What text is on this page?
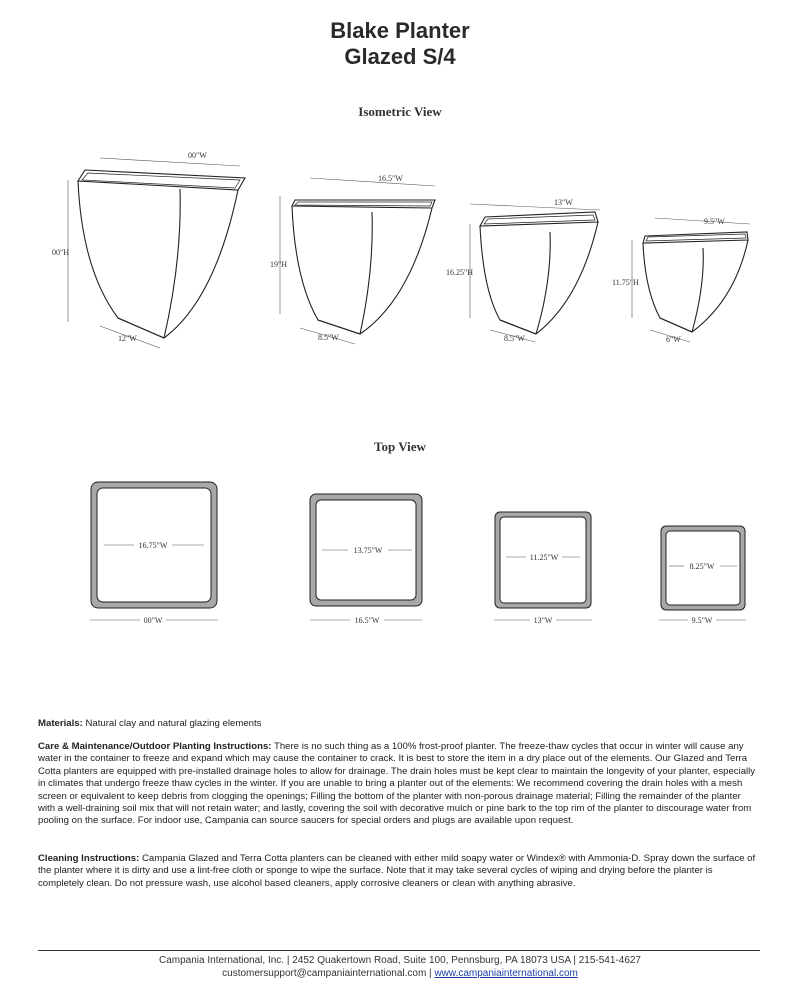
Blake Planter
Glazed S/4
Isometric View
Top View
00"W
00"H
12"W
16.5"W
19"H
8.5"W
13"W
16.25"H
8.5"W
9.5"W
11.75"H
6"W
16.75"W
00"W
13.75"W
16.5"W
11.25"W
13"W
8.25"W
9.5"W
Materials: Natural clay and natural glazing elements
Care & Maintenance/Outdoor Planting Instructions: There is no such thing as a 100% frost-proof planter. The freeze-thaw cycles that occur in winter will cause any water in the container to freeze and expand which may cause the container to crack. It is best to store the item in a dry place out of the elements. Our Glazed and Terra Cotta planters are equipped with pre-installed drainage holes to allow for drainage. The drain holes must be kept clear to maintain the longevity of your planter, especially in climates that undergo freeze thaw cycles in the winter. If you are unable to bring a planter out of the elements: We recommend covering the drain holes with a mesh screen or equivalent to keep debris from clogging the openings; Filling the bottom of the planter with non-porous drainage material; Filling the remainder of the planter with a well-draining soil mix that will not retain water; and lastly, covering the soil with decorative mulch or pine bark to the top rim of the planter to discourage water from pooling on the surface. For indoor use, Campania can source saucers for special orders and plugs are available upon request.
Cleaning Instructions: Campania Glazed and Terra Cotta planters can be cleaned with either mild soapy water or Windex® with Ammonia-D. Spray down the surface of the planter where it is dirty and use a lint-free cloth or sponge to wipe the surface. Note that it may take several cycles of wiping and drying before the planter is completely clean. Do not pressure wash, use alcohol based cleaners, apply corrosive cleaners or clean with anything abrasive.
Campania International, Inc. | 2452 Quakertown Road, Suite 100, Pennsburg, PA 18073 USA | 215-541-4627
customersupport@campaniainternational.com | www.campaniainternational.com
